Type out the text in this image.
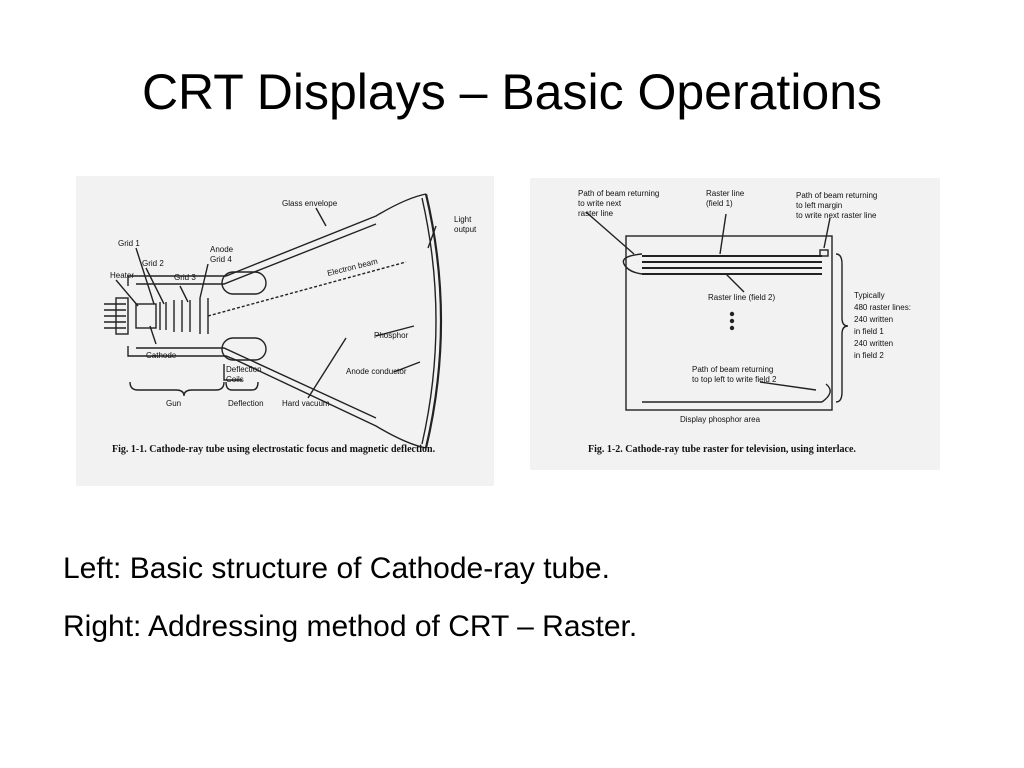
CRT Displays – Basic Operations
Glass envelope
Light
output
Grid 1
Grid 2
Anode
Grid 4
Heater	Grid 3	Electron beam
Phosphor
Cathode
Deflection
Coils
Anode conductor
Gun	Deflection Hard vacuum
Fig. 1-1. Cathode-ray tube using electrostatic focus and magnetic deflection.
Path of beam returning
to write next
raster line
Raster line
(field 1)
Path of beam returning
to left margin
to write next raster line
Raster line (field 2)	Typically
480 raster lines:
240 written
in field 1
240 written
in field 2
Path of beam returning
to top left to write field 2
Display phosphor area
Fig. 1-2. Cathode-ray tube raster for television, using interlace.
Left: Basic structure of Cathode-ray tube.
Right: Addressing method of CRT – Raster.
